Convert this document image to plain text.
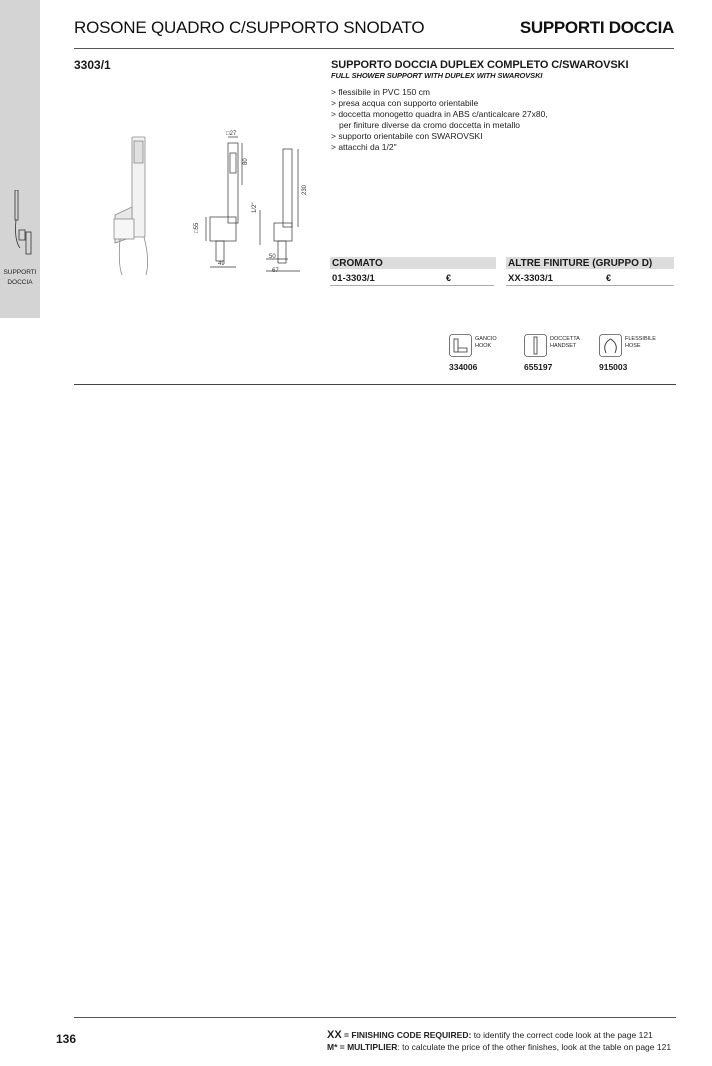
SUPPORTI
DOCCIA
ROSONE QUADRO C/SUPPORTO SNODATO	SUPPORTI DOCCIA
3303/1	SUPPORTO DOCCIA DUPLEX COMPLETO C/SWAROVSKI
FULL SHOWER SUPPORT WITH DUPLEX WITH SWAROVSKI
> flessibile in PVC 150 cm
> presa acqua con supporto orientabile
> doccetta monogetto quadra in ABS c/anticalcare 27x80,
per finiture diverse da cromo doccetta in metallo
> supporto orientabile con SWAROVSKI
> attacchi da 1/2"
□27
80
□55
49
230
1/2"
50
67
CROMATO	ALTRE FINITURE (GRUPPO D)
01-3303/1	€	XX-3303/1	€
GANCIO
HOOK
334006
DOCCETTA
HANDSET
655197
FLESSIBILE
HOSE
915003
136	XX = FINISHING CODE REQUIRED: to identify the correct code look at the page 121
M* = MULTIPLIER: to calculate the price of the other finishes, look at the table on page 121
